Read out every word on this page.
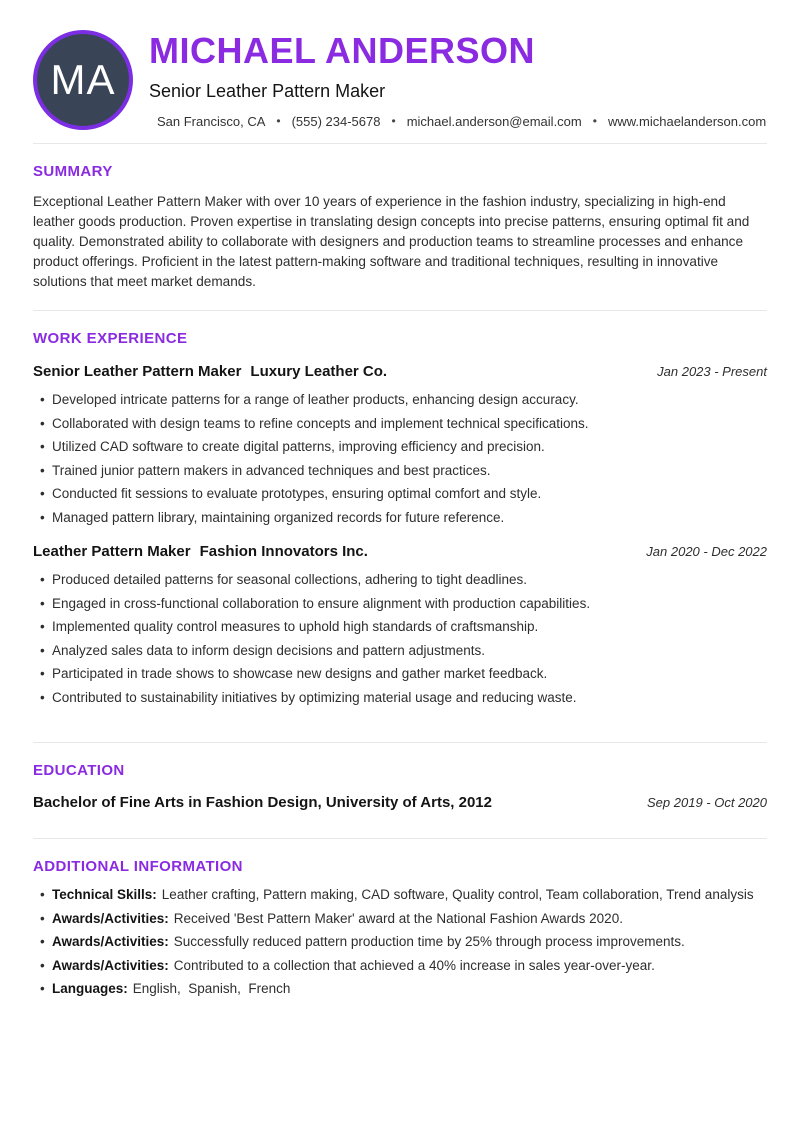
MA
MICHAEL ANDERSON
Senior Leather Pattern Maker
San Francisco, CA • (555) 234-5678 • michael.anderson@email.com • www.michaelanderson.com
SUMMARY

Exceptional Leather Pattern Maker with over 10 years of experience in the fashion industry, specializing in high-end leather goods production. Proven expertise in translating design concepts into precise patterns, ensuring optimal fit and quality. Demonstrated ability to collaborate with designers and production teams to streamline processes and enhance product offerings. Proficient in the latest pattern-making software and traditional techniques, resulting in innovative solutions that meet market demands.

WORK EXPERIENCE
Senior Leather Pattern Maker Luxury Leather Co.	Jan 2023 - Present
• Developed intricate patterns for a range of leather products, enhancing design accuracy.
• Collaborated with design teams to refine concepts and implement technical specifications.
• Utilized CAD software to create digital patterns, improving efficiency and precision.
• Trained junior pattern makers in advanced techniques and best practices.
• Conducted fit sessions to evaluate prototypes, ensuring optimal comfort and style.
• Managed pattern library, maintaining organized records for future reference.
Leather Pattern Maker Fashion Innovators Inc.	Jan 2020 - Dec 2022
• Produced detailed patterns for seasonal collections, adhering to tight deadlines.
• Engaged in cross-functional collaboration to ensure alignment with production capabilities.
• Implemented quality control measures to uphold high standards of craftsmanship.
• Analyzed sales data to inform design decisions and pattern adjustments.
• Participated in trade shows to showcase new designs and gather market feedback.
• Contributed to sustainability initiatives by optimizing material usage and reducing waste.
EDUCATION
Bachelor of Fine Arts in Fashion Design, University of Arts, 2012	Sep 2019 - Oct 2020
ADDITIONAL INFORMATION
• Technical Skills: Leather crafting, Pattern making, CAD software, Quality control, Team collaboration, Trend analysis
• Awards/Activities: Received 'Best Pattern Maker' award at the National Fashion Awards 2020.
• Awards/Activities: Successfully reduced pattern production time by 25% through process improvements.
• Awards/Activities: Contributed to a collection that achieved a 40% increase in sales year-over-year.
• Languages: English,  Spanish,  French
